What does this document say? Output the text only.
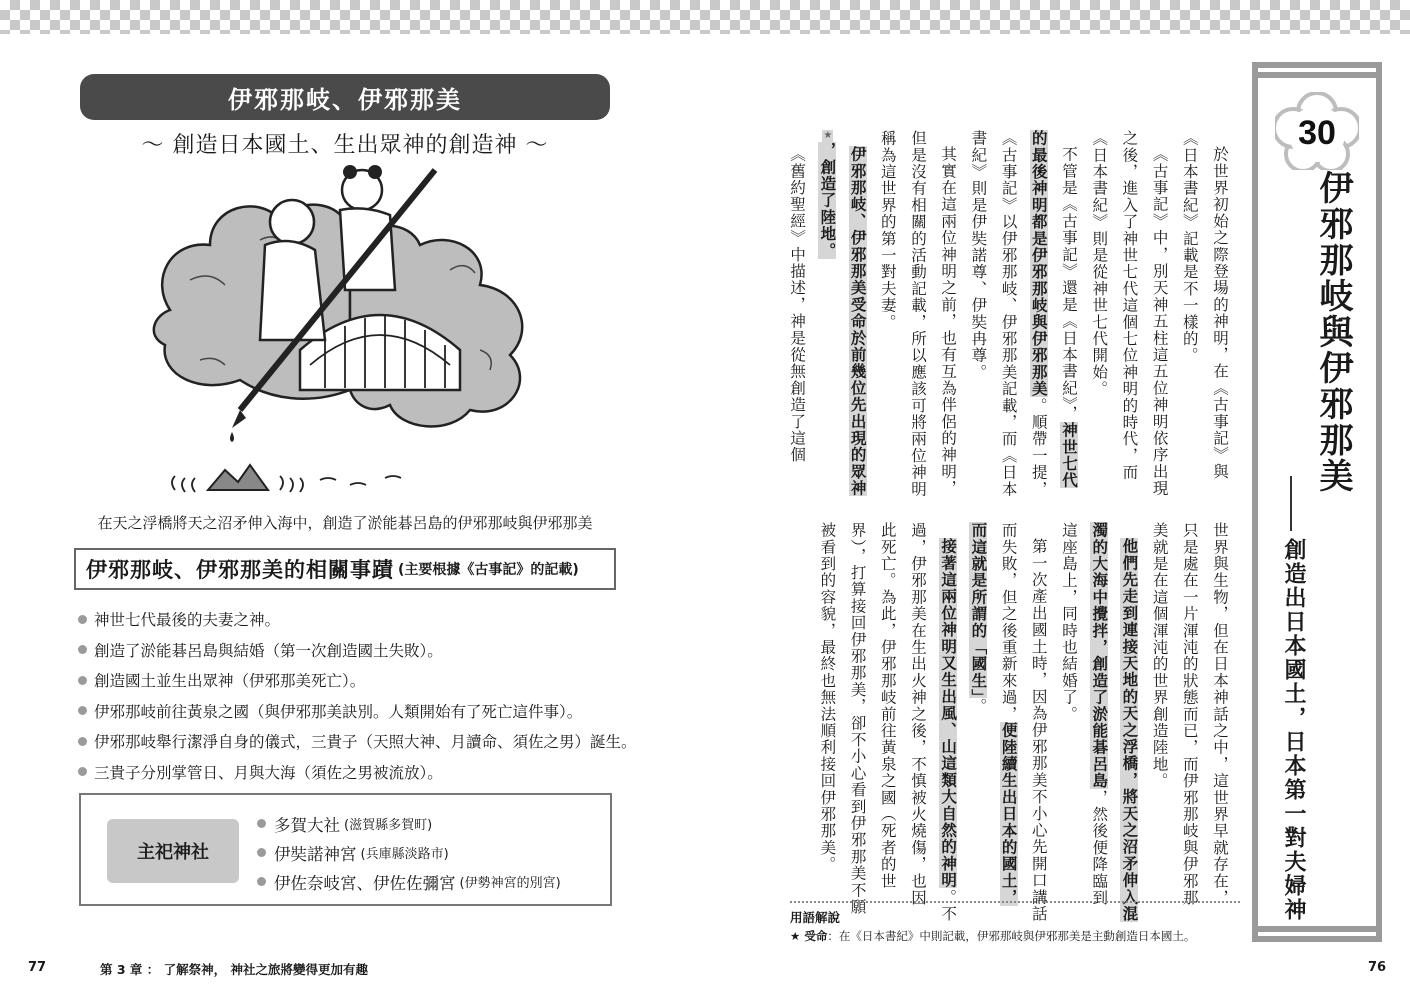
伊邪那岐、伊邪那美
～ 創造日本國土、生出眾神的創造神 ～
在天之浮橋將天之沼矛伸入海中，創造了淤能碁呂島的伊邪那岐與伊邪那美
伊邪那岐、伊邪那美的相關事蹟 (主要根據《古事記》的記載)
神世七代最後的夫妻之神。
創造了淤能碁呂島與結婚（第一次創造國土失敗）。
創造國土並生出眾神（伊邪那美死亡）。
伊邪那岐前往黃泉之國（與伊邪那美訣別。人類開始有了死亡這件事）。
伊邪那岐舉行潔淨自身的儀式，三貴子（天照大神、月讀命、須佐之男）誕生。
三貴子分別掌管日、月與大海（須佐之男被流放）。
主祀神社
多賀大社 (滋賀縣多賀町)
伊奘諾神宮 (兵庫縣淡路市)
伊佐奈岐宮、伊佐佐彌宮 (伊勢神宮的別宮)
77	第 3 章 ： 了解祭神， 神社之旅將變得更加有趣
30
伊邪那岐與伊邪那美
創造出日本國土，日本第一對夫婦神

於世界初始之際登場的神明，在《古事記》與《日本書紀》記載是不一樣的。

《古事記》中，別天神五柱這五位神明依序出現之後，進入了神世七代這個七位神明的時代，而《日本書紀》則是從神世七代開始。

不管是《古事記》還是《日本書紀》，神世七代的最後神明都是伊邪那岐與伊邪那美。順帶一提，《古事記》以伊邪那岐、伊邪那美記載，而《日本書紀》則是伊奘諾尊、伊奘冉尊。

其實在這兩位神明之前，也有互為伴侶的神明，但是沒有相關的活動記載，所以應該可將兩位神明稱為這世界的第一對夫妻。

伊邪那岐、伊邪那美受命於前幾位先出現的眾神★，創造了陸地。

《舊約聖經》中描述，神是從無創造了這個

世界與生物，但在日本神話之中，這世界早就存在，只是處在一片渾沌的狀態而已，而伊邪那岐與伊邪那美就是在這個渾沌的世界創造陸地。

他們先走到連接天地的天之浮橋，將天之沼矛伸入混濁的大海中攪拌，創造了淤能碁呂島，然後便降臨到這座島上，同時也結婚了。

第一次產出國土時，因為伊邪那美不小心先開口講話而失敗，但之後重新來過，便陸續生出日本的國土，而這就是所謂的「國生」。

接著這兩位神明又生出風、山這類大自然的神明。不過，伊邪那美在生出火神之後，不慎被火燒傷，也因此死亡。為此，伊邪那岐前往黃泉之國（死者的世界），打算接回伊邪那美，卻不小心看到伊邪那美不願被看到的容貌，最終也無法順利接回伊邪那美。

用語解說
★ 受命：在《日本書紀》中則記載，伊邪那岐與伊邪那美是主動創造日本國土。
76
